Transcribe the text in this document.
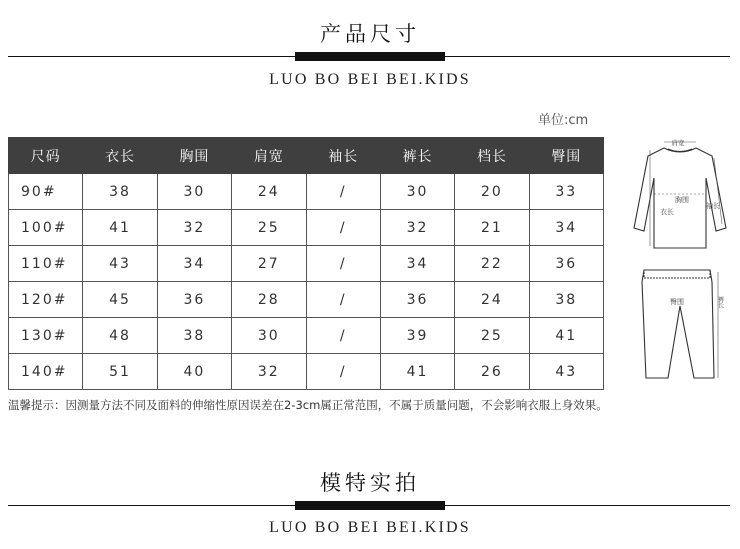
产品尺寸
LUO BO BEI BEI.KIDS
单位:cm
尺码	衣长	胸围	肩宽	袖长	裤长	档长	臀围
90#	38	30	24	/	30	20	33
100#	41	32	25	/	32	21	34
110#	43	34	27	/	34	22	36
120#	45	36	28	/	36	24	38
130#	48	38	30	/	39	25	41
140#	51	40	32	/	41	26	43
肩宽
胸围
衣长
袖长
裤长
臀围
温馨提示：因测量方法不同及面料的伸缩性原因误差在2-3cm属正常范围，不属于质量问题，不会影响衣服上身效果。
模特实拍
LUO BO BEI BEI.KIDS
